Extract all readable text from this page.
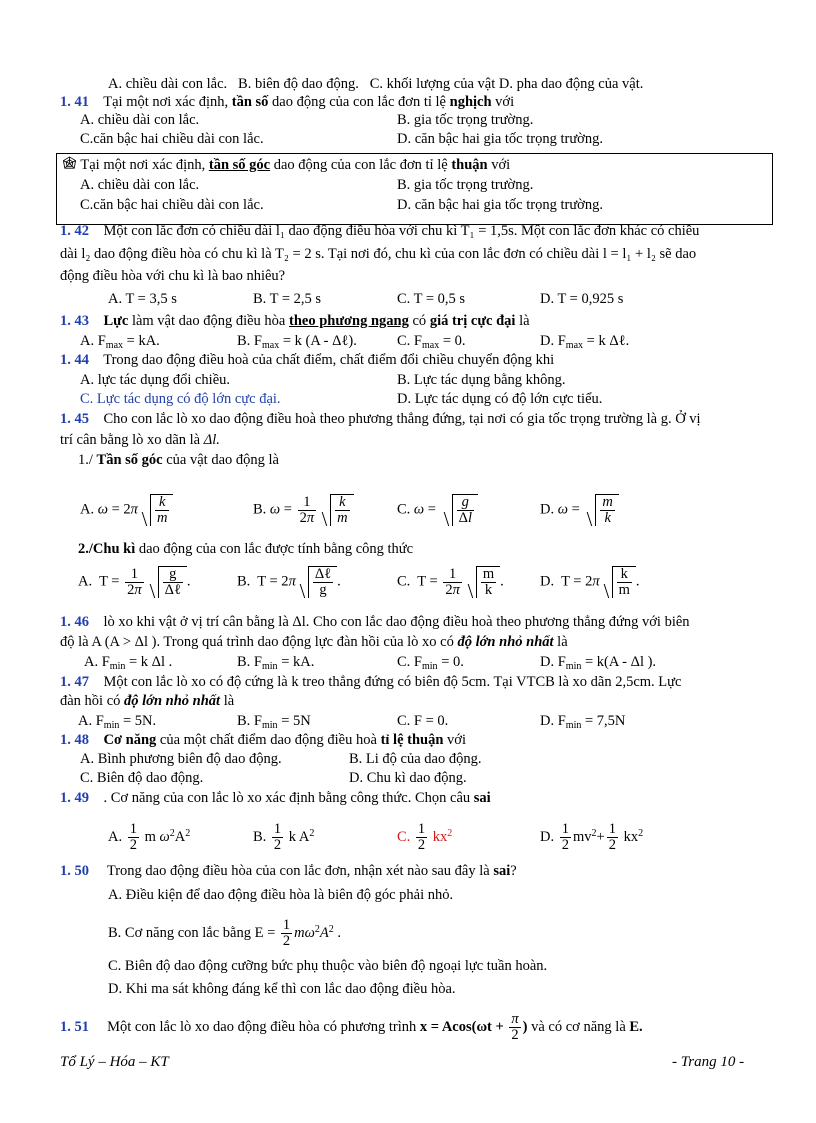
A. chiều dài con lắc. B. biên độ dao động. C. khối lượng của vật D. pha dao động của vật.
1. 41 Tại một nơi xác định, tần số dao động của con lắc đơn tỉ lệ nghịch với
A. chiều dài con lắc.	B. gia tốc trọng trường.
C.căn bậc hai chiều dài con lắc.	D. căn bậc hai gia tốc trọng trường.
Tại một nơi xác định, tần số góc dao động của con lắc đơn tỉ lệ thuận với
A. chiều dài con lắc.	B. gia tốc trọng trường.
C.căn bậc hai chiều dài con lắc.	D. căn bậc hai gia tốc trọng trường.
1. 42 Một con lắc đơn có chiều dài l₁ dao động điều hòa với chu kì T₁ = 1,5s. Một con lắc đơn khác có chiều
dài l₂ dao động điều hòa có chu kì là T₂ = 2 s. Tại nơi đó, chu kì của con lắc đơn có chiều dài l = l₁ + l₂ sẽ dao
động điều hòa với chu kì là bao nhiêu?
A. T = 3,5 s	B. T = 2,5 s	C. T = 0,5 s	D. T = 0,925 s
1. 43 Lực làm vật dao động điều hòa theo phương ngang có giá trị cực đại là
A. $F_{max}$ = kA.	B. $F_{max} = k$ (A - Δℓ).	C. $F_{max} = 0$.	D. $F_{max} = k$ Δℓ.
1. 44 Trong dao động điều hoà của chất điểm, chất điểm đổi chiều chuyển động khi
A. lực tác dụng đổi chiều.	B. Lực tác dụng bằng không.
C. Lực tác dụng có độ lớn cực đại.	D. Lực tác dụng có độ lớn cực tiểu.
1. 45 Cho con lắc lò xo dao động điều hoà theo phương thẳng đứng, tại nơi có gia tốc trọng trường là g. Ở vị
trí cân bằng lò xo dãn là Δl.
1./ Tần số góc của vật dao động là
A. $\omega = 2\pi \frac{k}{m}$	B. $\omega = \frac{1}{2\pi} \frac{k}{m}$	C. $\omega = \frac{g}{\Delta l}$	D. $\omega = \frac{m}{k}$
2./Chu kì dao động của con lắc được tính bằng công thức
A.  $T = \frac{1}{2\pi} \frac{g}{\text{Δℓ}}$ .	B.  $T = 2\pi \frac{\text{Δℓ}}{g}$ .	C.  $T = \frac{1}{2\pi} \frac{m}{k}$ .	D.  $T = 2\pi \frac{k}{m}$ .
1. 46 lò xo khi vật ở vị trí cân bằng là Δl. Cho con lắc dao động điều hoà theo phương thẳng đứng với biên
độ là A (A > Δl ). Trong quá trình dao động lực đàn hồi của lò xo có độ lớn nhỏ nhất là
A. $F_{min} = k$ Δl .	B. $F_{min}$ = kA.	C. $F_{min} = 0$.	D. $F_{min} = k(A - \Delta l$ ).
1. 47 Một con lắc lò xo có độ cứng là k treo thẳng đứng có biên độ 5cm. Tại VTCB là xo dãn 2,5cm. Lực
đàn hồi có độ lớn nhỏ nhất là
A. $F_{min} = 5N$.	B. $F_{min} = 5N$	C. F = 0.	D. $F_{min} = 7,5N$
1. 48 Cơ năng của một chất điểm dao động điều hoà tỉ lệ thuận với
A. Bình phương biên độ dao động.	B. Li độ của dao động.
C. Biên độ dao động.	D. Chu kì dao động.
1. 49 . Cơ năng của con lắc lò xo xác định bằng công thức. Chọn câu sai
A. $\frac{1}{2}$ m $\omega^2A^2$	B. $\frac{1}{2}$ k $A^2$	C. $\frac{1}{2} kx^2$	D. $\frac{1}{2} mv^2+ \frac{1}{2} kx^2$
1. 50 Trong dao động điều hòa của con lắc đơn, nhận xét nào sau đây là sai?
A. Điều kiện để dao động điều hòa là biên độ góc phải nhỏ.
B. Cơ năng con lắc bằng $E = \frac{1}{2} m\omega^2A^2$ .
C. Biên độ dao động cưỡng bức phụ thuộc vào biên độ ngoại lực tuần hoàn.
D. Khi ma sát không đáng kể thì con lắc dao động điều hòa.
1. 51 Một con lắc lò xo dao động điều hòa có phương trình $x = Acos(\omega t + \frac{\pi}{2}$ ) và có cơ năng là E.
Tổ Lý – Hóa – KT	- Trang 10 -
